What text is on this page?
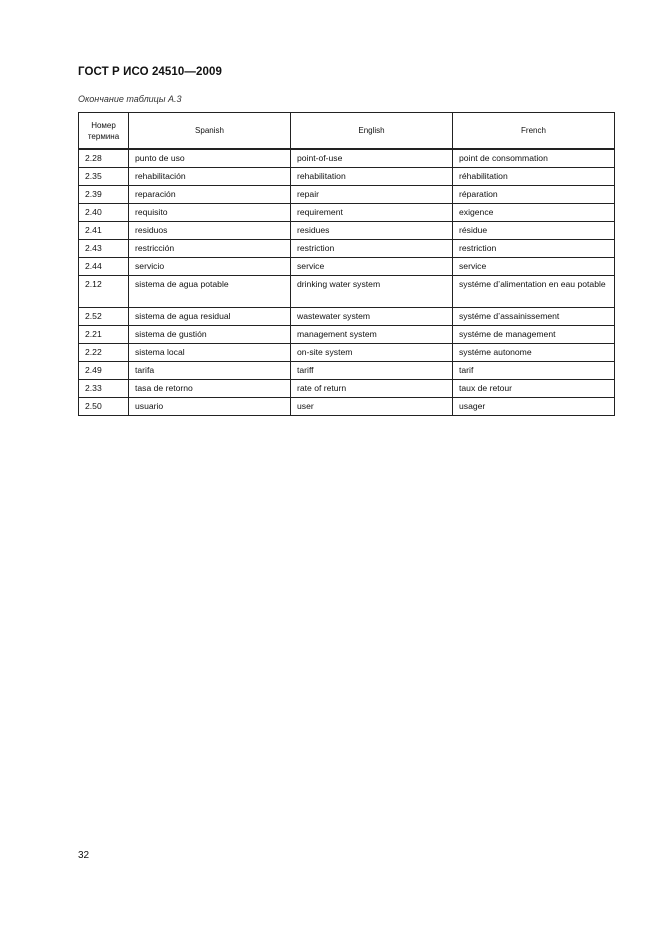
ГОСТ Р ИСО 24510—2009
Окончание таблицы А.3
Номер термина	Spanish	English	French
2.28	punto de uso	point-of-use	point de consommation
2.35	rehabilitación	rehabilitation	réhabilitation
2.39	reparación	repair	réparation
2.40	requisito	requirement	exigence
2.41	residuos	residues	résidue
2.43	restricción	restriction	restriction
2.44	servicio	service	service
2.12	sistema de agua potable	drinking water system	systéme d’alimentation en eau potable
2.52	sistema de agua residual	wastewater system	systéme d’assainissement
2.21	sistema de gustión	management system	systéme de management
2.22	sistema local	on-site system	systéme autonome
2.49	tarifa	tariff	tarif
2.33	tasa de retorno	rate of return	taux de retour
2.50	usuario	user	usager
32
